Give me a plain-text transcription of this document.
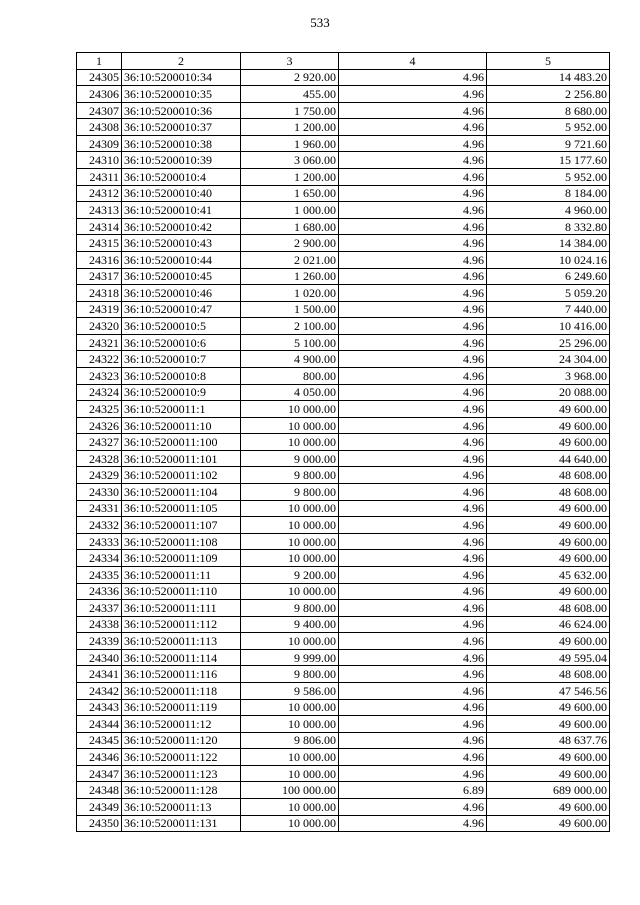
533
1	2	3	4	5
24305	36:10:5200010:34	2 920.00	4.96	14 483.20
24306	36:10:5200010:35	455.00	4.96	2 256.80
24307	36:10:5200010:36	1 750.00	4.96	8 680.00
24308	36:10:5200010:37	1 200.00	4.96	5 952.00
24309	36:10:5200010:38	1 960.00	4.96	9 721.60
24310	36:10:5200010:39	3 060.00	4.96	15 177.60
24311	36:10:5200010:4	1 200.00	4.96	5 952.00
24312	36:10:5200010:40	1 650.00	4.96	8 184.00
24313	36:10:5200010:41	1 000.00	4.96	4 960.00
24314	36:10:5200010:42	1 680.00	4.96	8 332.80
24315	36:10:5200010:43	2 900.00	4.96	14 384.00
24316	36:10:5200010:44	2 021.00	4.96	10 024.16
24317	36:10:5200010:45	1 260.00	4.96	6 249.60
24318	36:10:5200010:46	1 020.00	4.96	5 059.20
24319	36:10:5200010:47	1 500.00	4.96	7 440.00
24320	36:10:5200010:5	2 100.00	4.96	10 416.00
24321	36:10:5200010:6	5 100.00	4.96	25 296.00
24322	36:10:5200010:7	4 900.00	4.96	24 304.00
24323	36:10:5200010:8	800.00	4.96	3 968.00
24324	36:10:5200010:9	4 050.00	4.96	20 088.00
24325	36:10:5200011:1	10 000.00	4.96	49 600.00
24326	36:10:5200011:10	10 000.00	4.96	49 600.00
24327	36:10:5200011:100	10 000.00	4.96	49 600.00
24328	36:10:5200011:101	9 000.00	4.96	44 640.00
24329	36:10:5200011:102	9 800.00	4.96	48 608.00
24330	36:10:5200011:104	9 800.00	4.96	48 608.00
24331	36:10:5200011:105	10 000.00	4.96	49 600.00
24332	36:10:5200011:107	10 000.00	4.96	49 600.00
24333	36:10:5200011:108	10 000.00	4.96	49 600.00
24334	36:10:5200011:109	10 000.00	4.96	49 600.00
24335	36:10:5200011:11	9 200.00	4.96	45 632.00
24336	36:10:5200011:110	10 000.00	4.96	49 600.00
24337	36:10:5200011:111	9 800.00	4.96	48 608.00
24338	36:10:5200011:112	9 400.00	4.96	46 624.00
24339	36:10:5200011:113	10 000.00	4.96	49 600.00
24340	36:10:5200011:114	9 999.00	4.96	49 595.04
24341	36:10:5200011:116	9 800.00	4.96	48 608.00
24342	36:10:5200011:118	9 586.00	4.96	47 546.56
24343	36:10:5200011:119	10 000.00	4.96	49 600.00
24344	36:10:5200011:12	10 000.00	4.96	49 600.00
24345	36:10:5200011:120	9 806.00	4.96	48 637.76
24346	36:10:5200011:122	10 000.00	4.96	49 600.00
24347	36:10:5200011:123	10 000.00	4.96	49 600.00
24348	36:10:5200011:128	100 000.00	6.89	689 000.00
24349	36:10:5200011:13	10 000.00	4.96	49 600.00
24350	36:10:5200011:131	10 000.00	4.96	49 600.00
